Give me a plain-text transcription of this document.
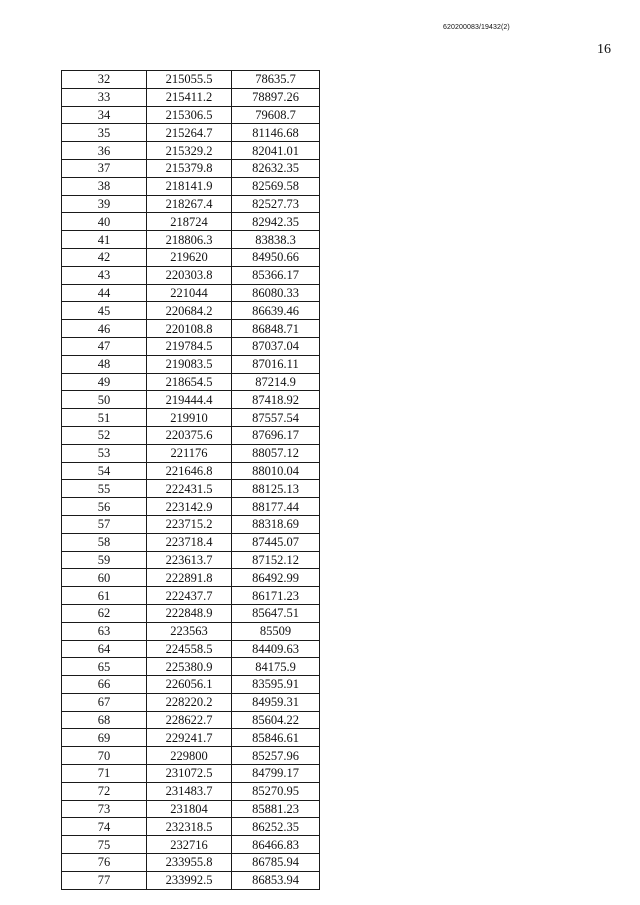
620200083/19432(2)
16
32	215055.5	78635.7
33	215411.2	78897.26
34	215306.5	79608.7
35	215264.7	81146.68
36	215329.2	82041.01
37	215379.8	82632.35
38	218141.9	82569.58
39	218267.4	82527.73
40	218724	82942.35
41	218806.3	83838.3
42	219620	84950.66
43	220303.8	85366.17
44	221044	86080.33
45	220684.2	86639.46
46	220108.8	86848.71
47	219784.5	87037.04
48	219083.5	87016.11
49	218654.5	87214.9
50	219444.4	87418.92
51	219910	87557.54
52	220375.6	87696.17
53	221176	88057.12
54	221646.8	88010.04
55	222431.5	88125.13
56	223142.9	88177.44
57	223715.2	88318.69
58	223718.4	87445.07
59	223613.7	87152.12
60	222891.8	86492.99
61	222437.7	86171.23
62	222848.9	85647.51
63	223563	85509
64	224558.5	84409.63
65	225380.9	84175.9
66	226056.1	83595.91
67	228220.2	84959.31
68	228622.7	85604.22
69	229241.7	85846.61
70	229800	85257.96
71	231072.5	84799.17
72	231483.7	85270.95
73	231804	85881.23
74	232318.5	86252.35
75	232716	86466.83
76	233955.8	86785.94
77	233992.5	86853.94
